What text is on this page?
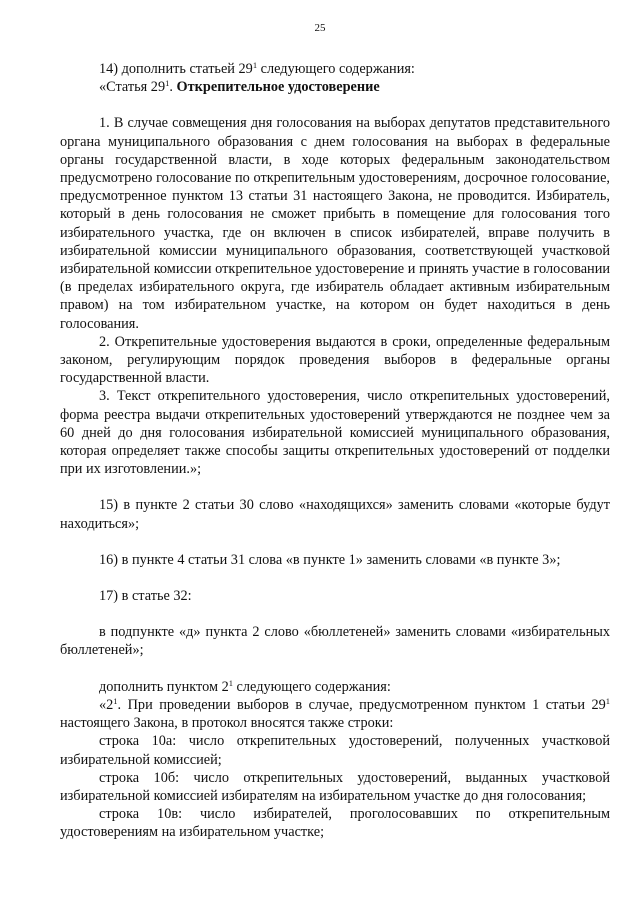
25

14) дополнить статьей $29^1$ следующего содержания:

«Статья $29^1$. Открепительное удостоверение

1. В случае совмещения дня голосования на выборах депутатов представительного органа муниципального образования с днем голосования на выборах в федеральные органы государственной власти, в ходе которых федеральным законодательством предусмотрено голосование по открепительным удостоверениям, досрочное голосование, предусмотренное пунктом 13 статьи 31 настоящего Закона, не проводится. Избиратель, который в день голосования не сможет прибыть в помещение для голосования того избирательного участка, где он включен в список избирателей, вправе получить в избирательной комиссии муниципального образования, соответствующей участковой избирательной комиссии открепительное удостоверение и принять участие в голосовании (в пределах избирательного округа, где избиратель обладает активным избирательным правом) на том избирательном участке, на котором он будет находиться в день голосования.

2. Открепительные удостоверения выдаются в сроки, определенные федеральным законом, регулирующим порядок проведения выборов в федеральные органы государственной власти.

3. Текст открепительного удостоверения, число открепительных удостоверений, форма реестра выдачи открепительных удостоверений утверждаются не позднее чем за 60 дней до дня голосования избирательной комиссией муниципального образования, которая определяет также способы защиты открепительных удостоверений от подделки при их изготовлении.»;

15) в пункте 2 статьи 30 слово «находящихся» заменить словами «которые будут находиться»;

16) в пункте 4 статьи 31 слова «в пункте 1» заменить словами «в пункте 3»;

17) в статье 32:

в подпункте «д» пункта 2 слово «бюллетеней» заменить словами «избирательных бюллетеней»;

дополнить пунктом $2^1$ следующего содержания:

«$2^1$. При проведении выборов в случае, предусмотренном пунктом 1 статьи $29^1$ настоящего Закона, в протокол вносятся также строки:

строка 10а: число открепительных удостоверений, полученных участковой избирательной комиссией;

строка 10б: число открепительных удостоверений, выданных участковой избирательной комиссией избирателям на избирательном участке до дня голосования;

строка 10в: число избирателей, проголосовавших по открепительным удостоверениям на избирательном участке;
